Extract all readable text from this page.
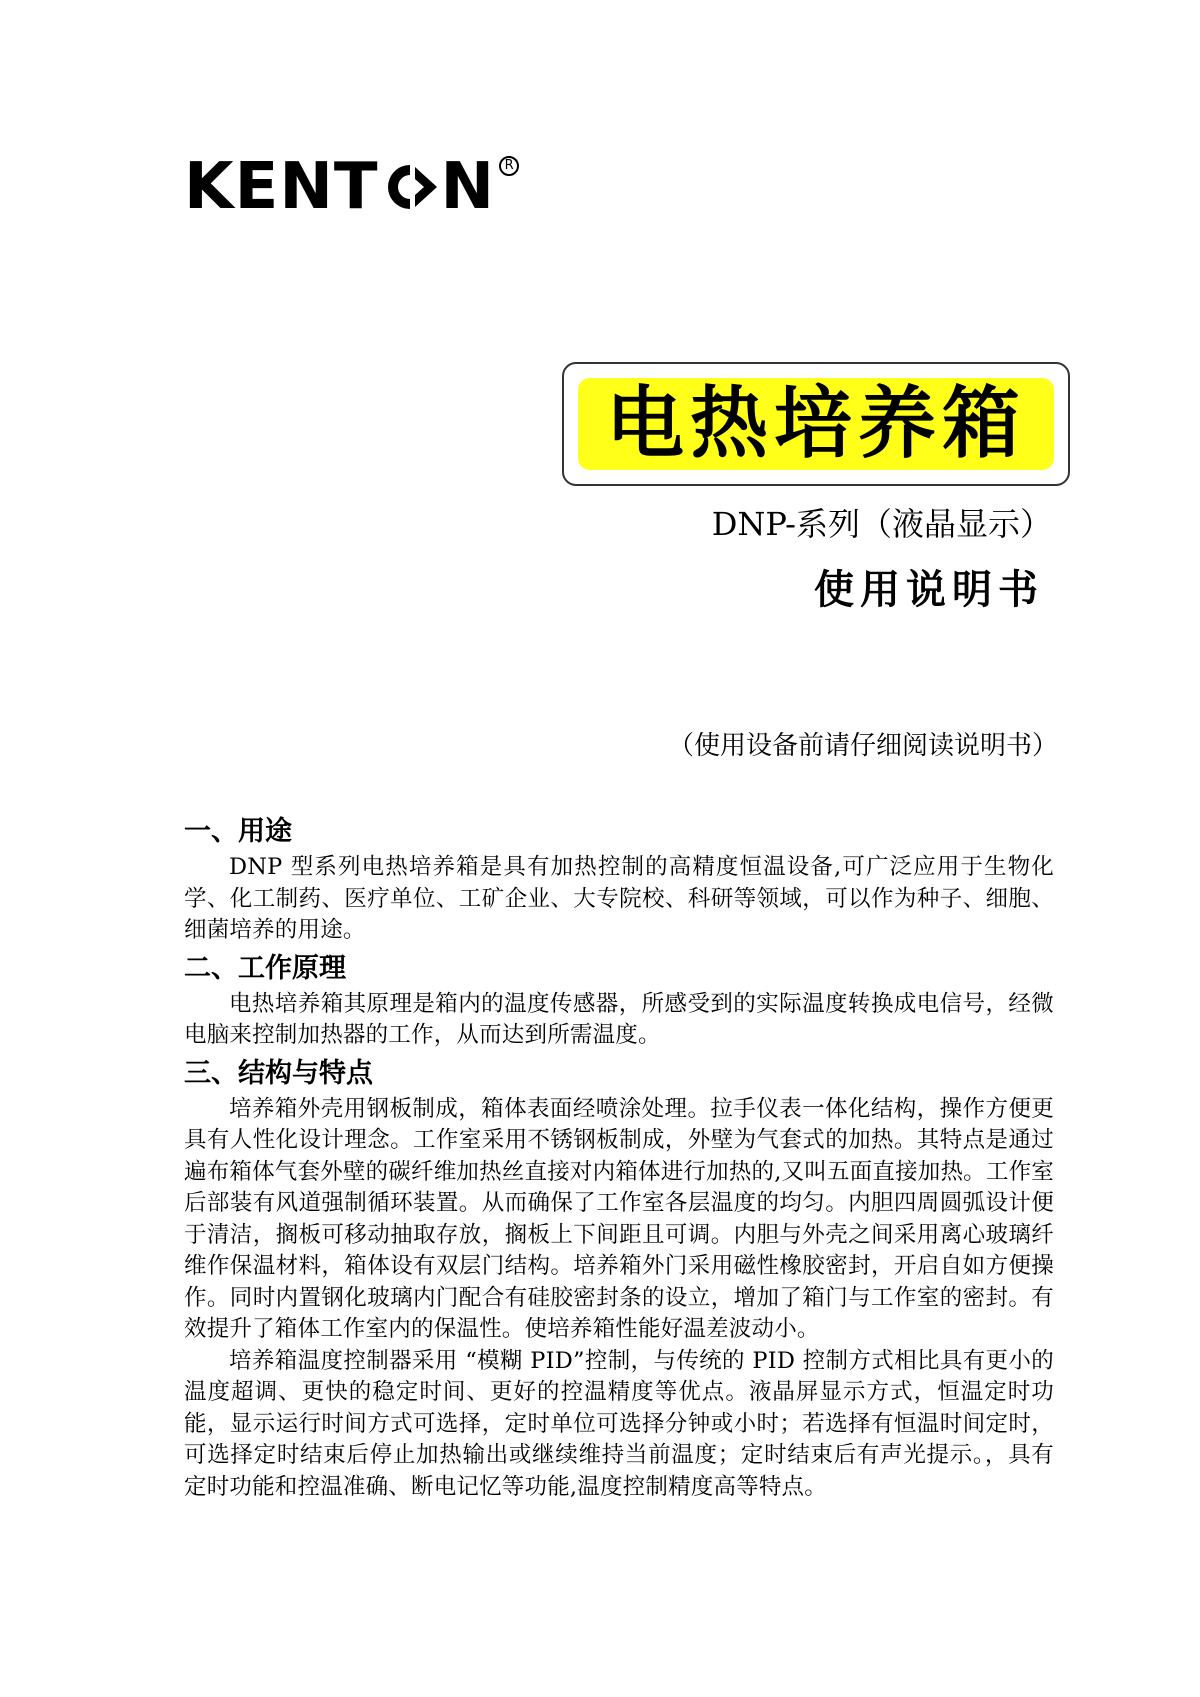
KENT N R
电热培养箱
DNP-系列（液晶显示）
使用说明书
（使用设备前请仔细阅读说明书）
一、用途

DNP 型系列电热培养箱是具有加热控制的高精度恒温设备,可广泛应用于生物化学、化工制药、医疗单位、工矿企业、大专院校、科研等领域，可以作为种子、细胞、细菌培养的用途。

二、工作原理

电热培养箱其原理是箱内的温度传感器，所感受到的实际温度转换成电信号，经微电脑来控制加热器的工作，从而达到所需温度。

三、结构与特点

培养箱外壳用钢板制成，箱体表面经喷涂处理。拉手仪表一体化结构，操作方便更具有人性化设计理念。工作室采用不锈钢板制成，外壁为气套式的加热。其特点是通过遍布箱体气套外壁的碳纤维加热丝直接对内箱体进行加热的,又叫五面直接加热。工作室后部装有风道强制循环装置。从而确保了工作室各层温度的均匀。内胆四周圆弧设计便于清洁，搁板可移动抽取存放，搁板上下间距且可调。内胆与外壳之间采用离心玻璃纤维作保温材料，箱体设有双层门结构。培养箱外门采用磁性橡胶密封，开启自如方便操作。同时内置钢化玻璃内门配合有硅胶密封条的设立，增加了箱门与工作室的密封。有效提升了箱体工作室内的保温性。使培养箱性能好温差波动小。

培养箱温度控制器采用 “模糊 PID”控制，与传统的 PID 控制方式相比具有更小的温度超调、更快的稳定时间、更好的控温精度等优点。液晶屏显示方式，恒温定时功能，显示运行时间方式可选择，定时单位可选择分钟或小时；若选择有恒温时间定时，可选择定时结束后停止加热输出或继续维持当前温度；定时结束后有声光提示。，具有定时功能和控温准确、断电记忆等功能,温度控制精度高等特点。
